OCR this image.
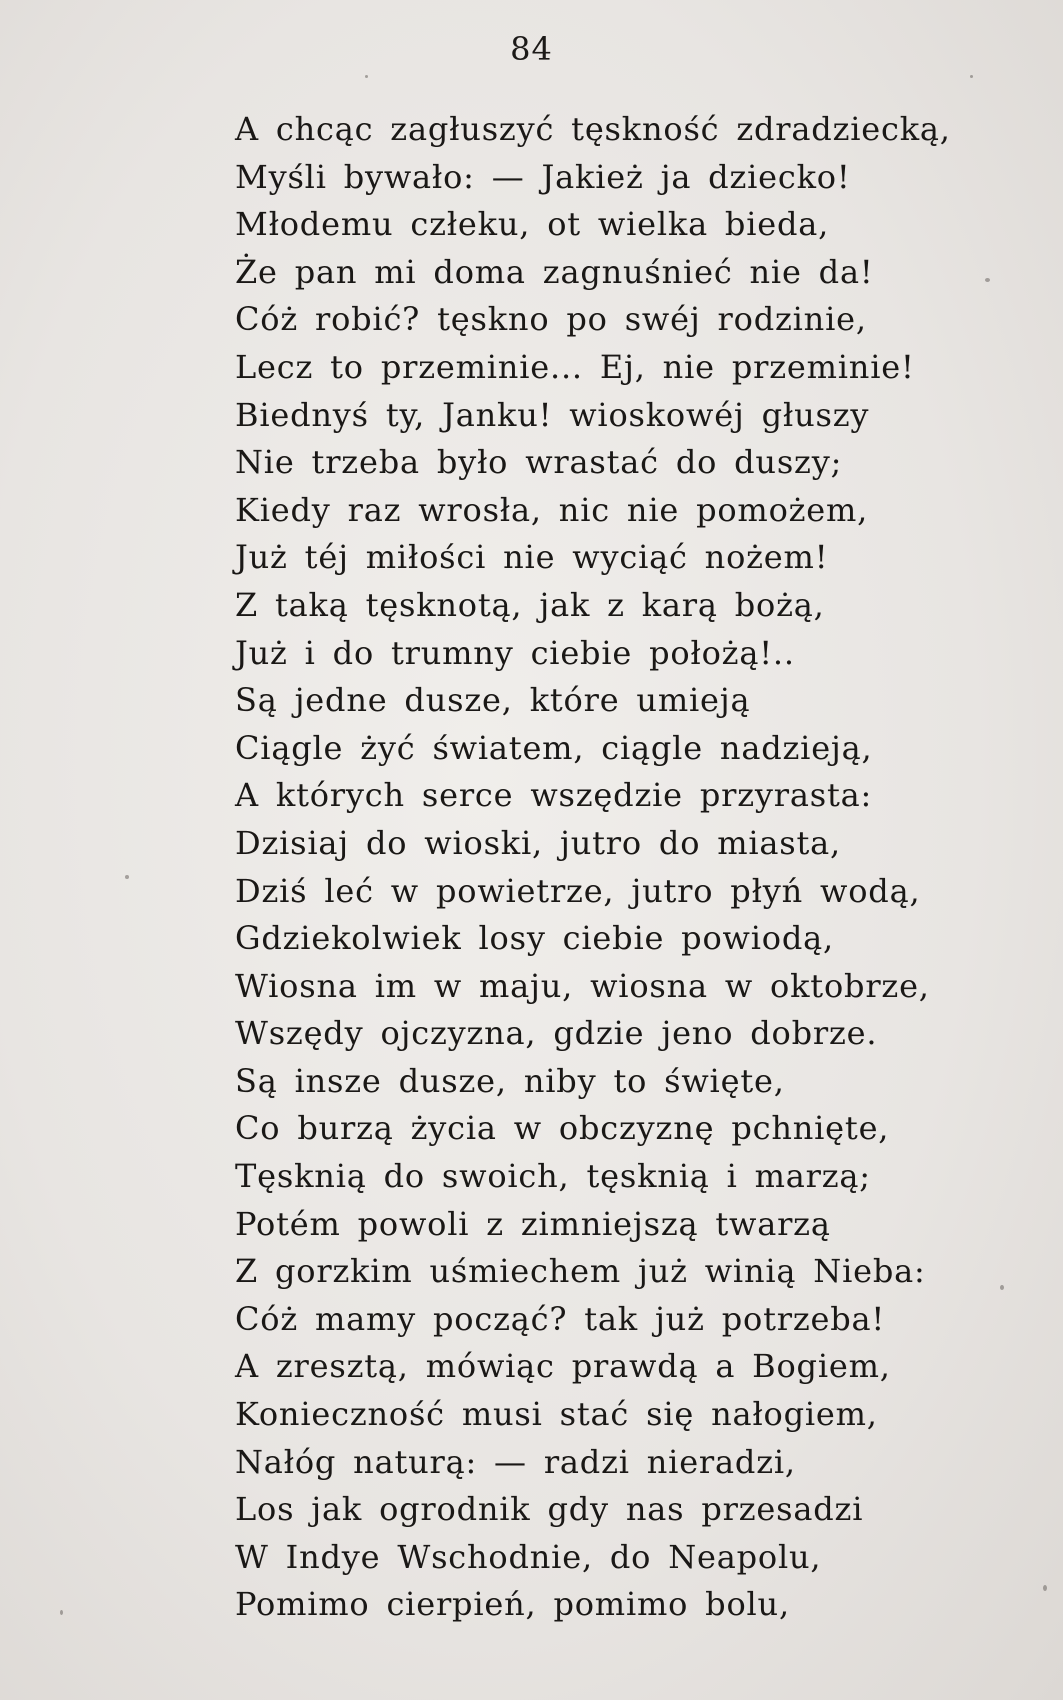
84
A chcąc zagłuszyć tęskność zdradziecką,
Myśli bywało: — Jakież ja dziecko!
Młodemu człeku, ot wielka bieda,
Że pan mi doma zagnuśnieć nie da!
Cóż robić? tęskno po swéj rodzinie,
Lecz to przeminie... Ej, nie przeminie!
Biednyś ty, Janku! wioskowéj głuszy
Nie trzeba było wrastać do duszy;
Kiedy raz wrosła, nic nie pomożem,
Już téj miłości nie wyciąć nożem!
Z taką tęsknotą, jak z karą bożą,
Już i do trumny ciebie położą!..
Są jedne dusze, które umieją
Ciągle żyć światem, ciągle nadzieją,
A których serce wszędzie przyrasta:
Dzisiaj do wioski, jutro do miasta,
Dziś leć w powietrze, jutro płyń wodą,
Gdziekolwiek losy ciebie powiodą,
Wiosna im w maju, wiosna w oktobrze,
Wszędy ojczyzna, gdzie jeno dobrze.
Są insze dusze, niby to święte,
Co burzą życia w obczyznę pchnięte,
Tęsknią do swoich, tęsknią i marzą;
Potém powoli z zimniejszą twarzą
Z gorzkim uśmiechem już winią Nieba:
Cóż mamy począć? tak już potrzeba!
A zresztą, mówiąc prawdą a Bogiem,
Konieczność musi stać się nałogiem,
Nałóg naturą: — radzi nieradzi,
Los jak ogrodnik gdy nas przesadzi
W Indye Wschodnie, do Neapolu,
Pomimo cierpień, pomimo bolu,
